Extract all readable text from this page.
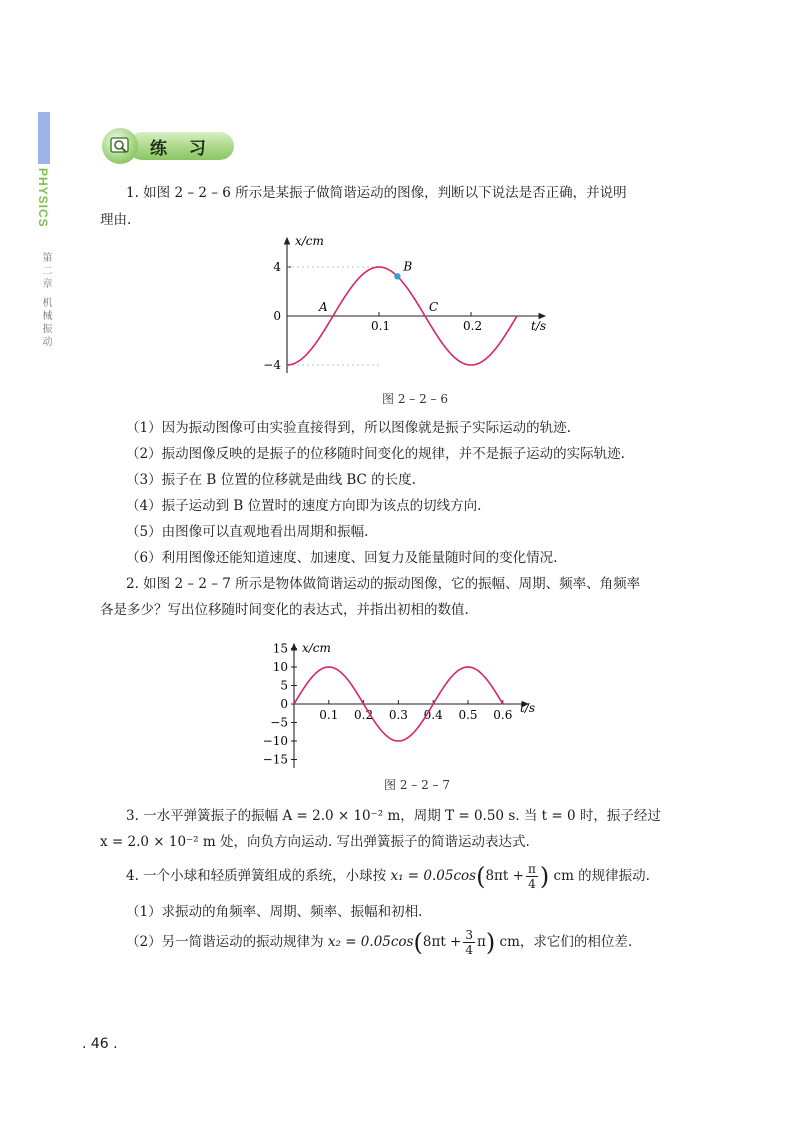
PHYSICS
第二章 机械振动
练 习
1. 如图 2 – 2 – 6 所示是某振子做简谐运动的图像，判断以下说法是否正确，并说明
理由.
0.1	0.2
4
0
−4
A
B
C
x/cm
t/s
图 2 – 2 – 6
（1）因为振动图像可由实验直接得到，所以图像就是振子实际运动的轨迹.
（2）振动图像反映的是振子的位移随时间变化的规律，并不是振子运动的实际轨迹.
（3）振子在 B 位置的位移就是曲线 BC 的长度.
（4）振子运动到 B 位置时的速度方向即为该点的切线方向.
（5）由图像可以直观地看出周期和振幅.
（6）利用图像还能知道速度、加速度、回复力及能量随时间的变化情况.
2. 如图 2 – 2 – 7 所示是物体做简谐运动的振动图像，它的振幅、周期、频率、角频率
各是多少？写出位移随时间变化的表达式，并指出初相的数值.
0.1 0.2 0.3 0.4 0.5 0.6
15
10
5
0
−5
−10
−15
x/cm
t/s
图 2 – 2 – 7
3. 一水平弹簧振子的振幅 A = 2.0 × 10⁻² m，周期 T = 0.50 s. 当 t = 0 时，振子经过
x = 2.0 × 10⁻² m 处，向负方向运动. 写出弹簧振子的简谐运动表达式.
4. 一个小球和轻质弹簧组成的系统，小球按 $x_1 = 0.05\cos(8\pi t + \frac{\pi}{4}$ ) cm 的规律振动.
（1）求振动的角频率、周期、频率、振幅和初相.
（2）另一简谐运动的振动规律为 $x_2 = 0.05\cos(8\pi t + \frac{3}{4} \pi)$ cm，求它们的相位差.
. 46 .
